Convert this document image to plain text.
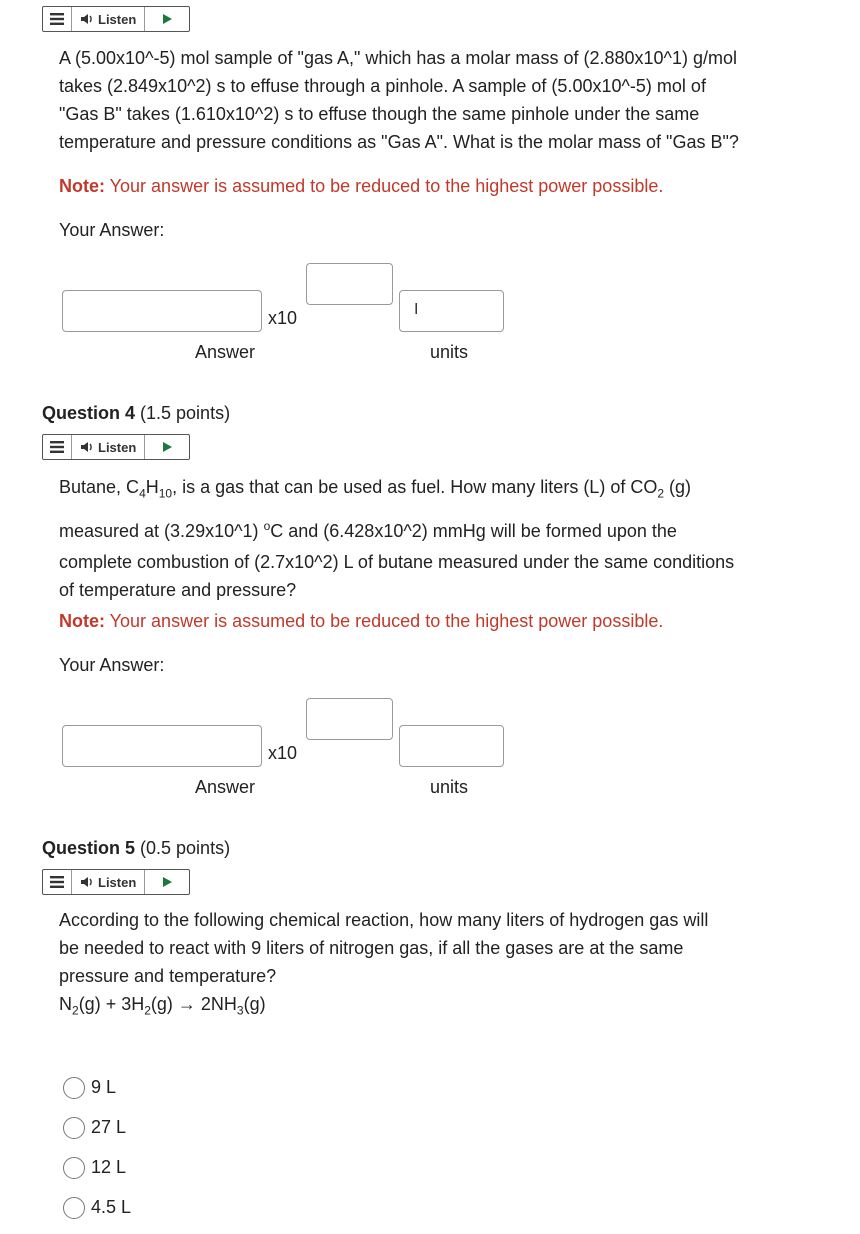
Listen
A (5.00x10^-5) mol sample of "gas A," which has a molar mass of (2.880x10^1) g/mol
takes (2.849x10^2) s to effuse through a pinhole. A sample of (5.00x10^-5) mol of
"Gas B" takes (1.610x10^2) s to effuse though the same pinhole under the same
temperature and pressure conditions as "Gas A". What is the molar mass of "Gas B"?
Note: Your answer is assumed to be reduced to the highest power possible.
Your Answer:
x10	I
Answer	units
Question 4 (1.5 points)
Listen
Butane, $C_4H_{10}$, is a gas that can be used as fuel. How many liters (L) of $CO_2$ (g)
measured at (3.29x10^1) $^o$C and (6.428x10^2) mmHg will be formed upon the
complete combustion of (2.7x10^2) L of butane measured under the same conditions
of temperature and pressure?
Note: Your answer is assumed to be reduced to the highest power possible.
Your Answer:
x10
Answer	units
Question 5 (0.5 points)
Listen
According to the following chemical reaction, how many liters of hydrogen gas will
be needed to react with 9 liters of nitrogen gas, if all the gases are at the same
pressure and temperature?
$N_2(g) + 3H_2(g) \to 2NH_3(g)$
9 L
27 L
12 L
4.5 L
